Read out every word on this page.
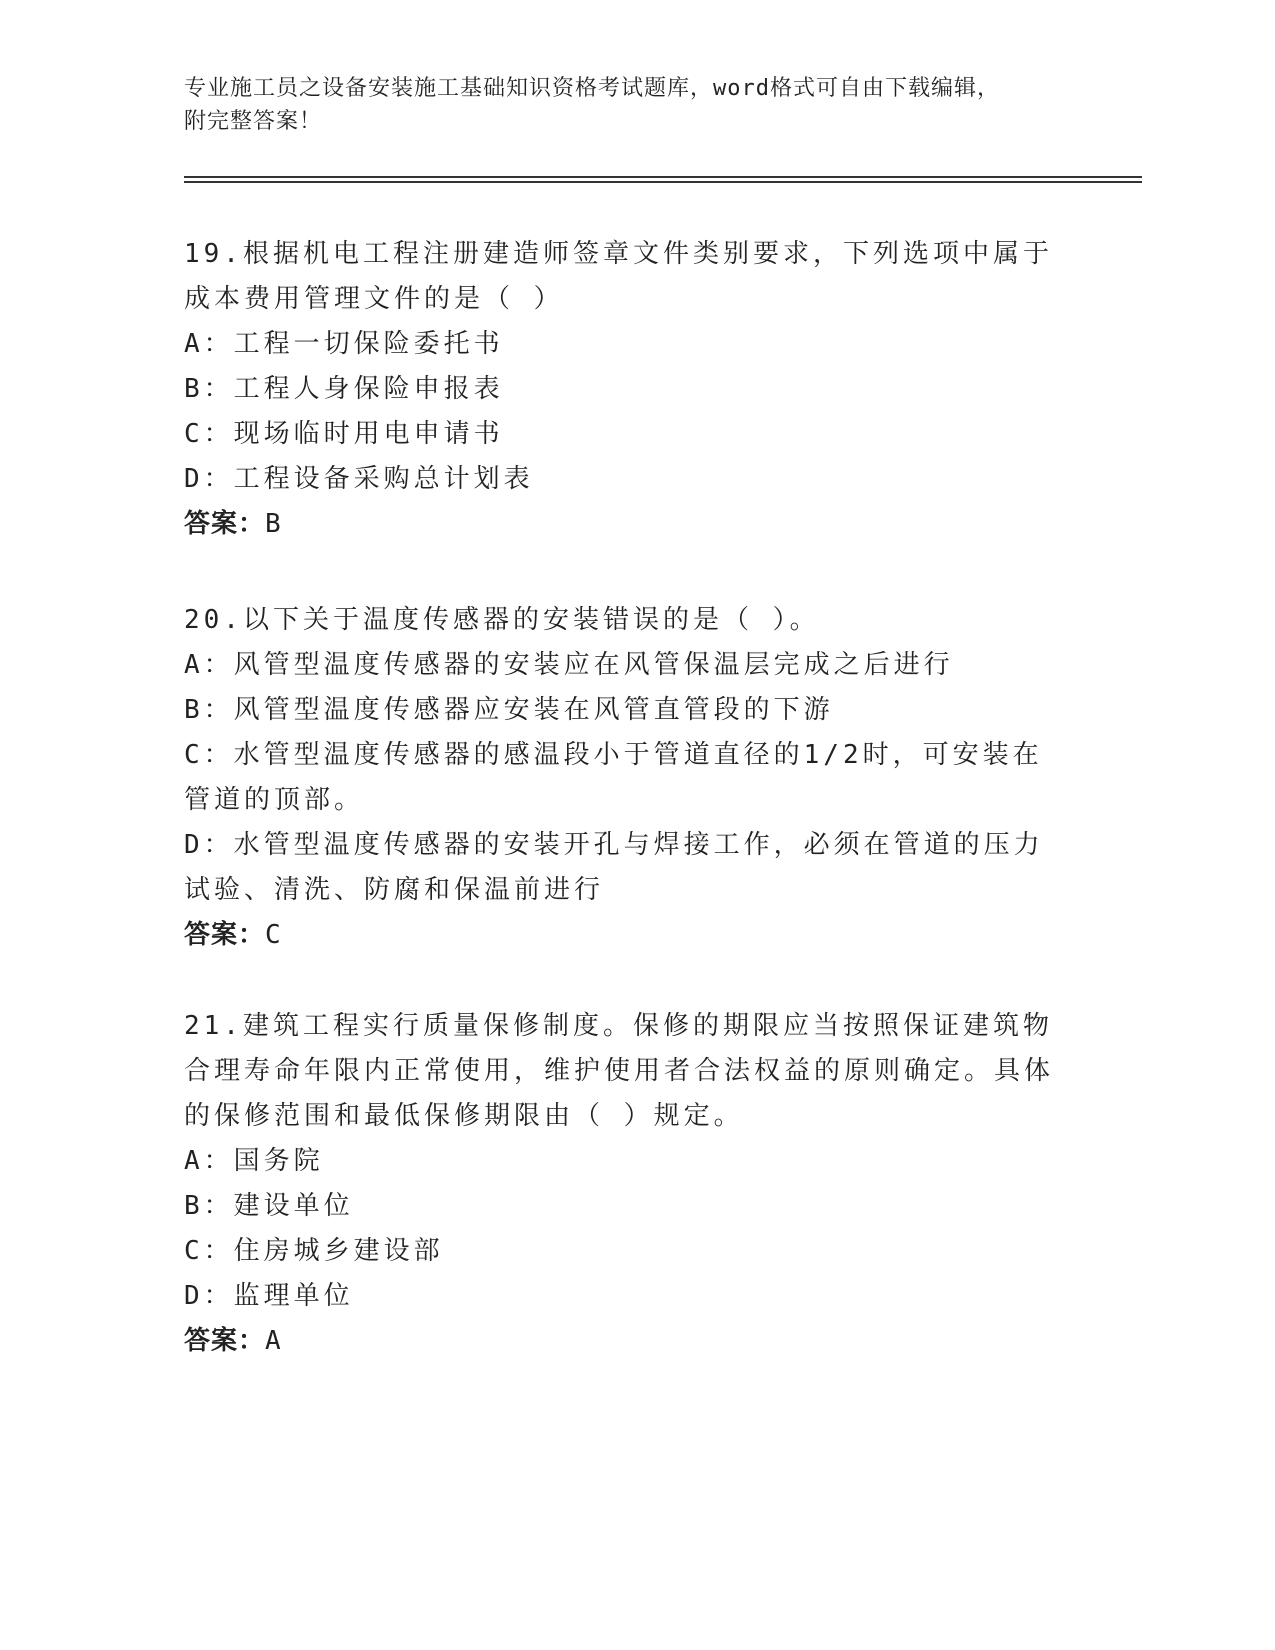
专业施工员之设备安装施工基础知识资格考试题库，word格式可自由下载编辑，
附完整答案！

19.根据机电工程注册建造师签章文件类别要求，下列选项中属于成本费用管理文件的是（ ）

A：工程一切保险委托书

B：工程人身保险申报表

C：现场临时用电申请书

D：工程设备采购总计划表

答案：B

20.以下关于温度传感器的安装错误的是（ ）。

A：风管型温度传感器的安装应在风管保温层完成之后进行

B：风管型温度传感器应安装在风管直管段的下游

C：水管型温度传感器的感温段小于管道直径的1/2时，可安装在管道的顶部。

D：水管型温度传感器的安装开孔与焊接工作，必须在管道的压力试验、清洗、防腐和保温前进行

答案：C

21.建筑工程实行质量保修制度。保修的期限应当按照保证建筑物合理寿命年限内正常使用，维护使用者合法权益的原则确定。具体的保修范围和最低保修期限由（ ）规定。

A：国务院

B：建设单位

C：住房城乡建设部

D：监理单位

答案：A
